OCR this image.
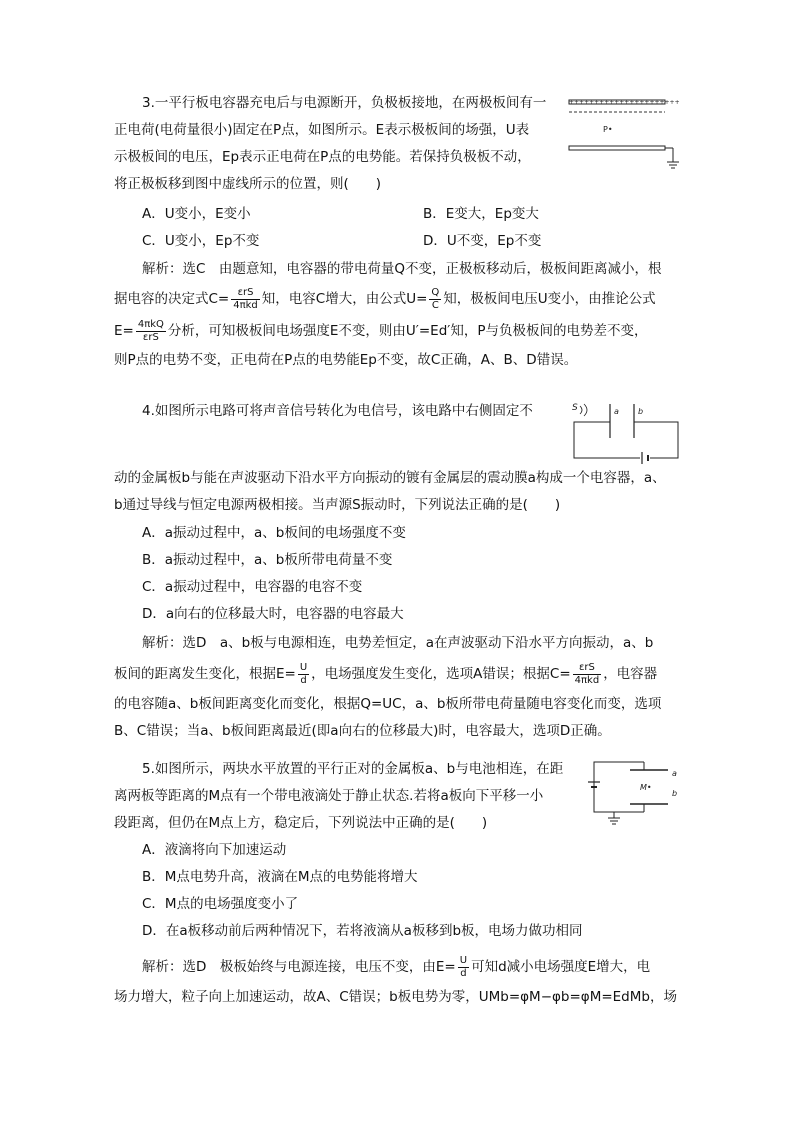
3.一平行板电容器充电后与电源断开，负极板接地，在两极板间有一
正电荷(电荷量很小)固定在P点，如图所示。E表示极板间的场强，U表
示极板间的电压，Ep表示正电荷在P点的电势能。若保持负极板不动，
将正极板移到图中虚线所示的位置，则(　　)
++++++++++++++++++++++
P•
A．U变小，E变小	B．E变大，Ep变大
C．U变小，Ep不变	D．U不变，Ep不变
解析：选C　由题意知，电容器的带电荷量Q不变，正极板移动后，极板间距离减小，根
据电容的决定式$C= \frac{\text{εrS}}{\text{4πkd}}$ 知，电容C增大，由公式$U= \frac{Q}{C}$ 知，极板间电压U变小，由推论公式
$E= \frac{\text{4πkQ}}{\text{εrS}}$ 分析，可知极板间电场强度E不变，则由U′=Ed′知，P与负极板间的电势差不变，
则P点的电势不变，正电荷在P点的电势能Ep不变，故C正确，A、B、D错误。
4.如图所示电路可将声音信号转化为电信号，该电路中右侧固定不
动的金属板b与能在声波驱动下沿水平方向振动的镀有金属层的震动膜a构成一个电容器，a、
b通过导线与恒定电源两极相接。当声源S振动时，下列说法正确的是(　　)
S	a b
A．a振动过程中，a、b板间的电场强度不变
B．a振动过程中，a、b板所带电荷量不变
C．a振动过程中，电容器的电容不变
D．a向右的位移最大时，电容器的电容最大
解析：选D　a、b板与电源相连，电势差恒定，a在声波驱动下沿水平方向振动，a、b
板间的距离发生变化，根据$E= \frac{U}{d}$ ，电场强度发生变化，选项A错误；根据$C= \frac{\text{εrS}}{\text{4πkd}}$ ，电容器
的电容随a、b板间距离变化而变化，根据Q=UC，a、b板所带电荷量随电容变化而变，选项
B、C错误；当a、b板间距离最近(即a向右的位移最大)时，电容最大，选项D正确。
5.如图所示，两块水平放置的平行正对的金属板a、b与电池相连，在距
离两板等距离的M点有一个带电液滴处于静止状态.若将a板向下平移一小
段距离，但仍在M点上方，稳定后，下列说法中正确的是(　　)
a
b
M•
A．液滴将向下加速运动
B．M点电势升高，液滴在M点的电势能将增大
C．M点的电场强度变小了
D．在a板移动前后两种情况下，若将液滴从a板移到b板，电场力做功相同
解析：选D　极板始终与电源连接，电压不变，由$E= \frac{U}{d}$ 可知d减小电场强度E增大，电
场力增大，粒子向上加速运动，故A、C错误；b板电势为零，UMb=φM−φb=φM=EdMb，场
